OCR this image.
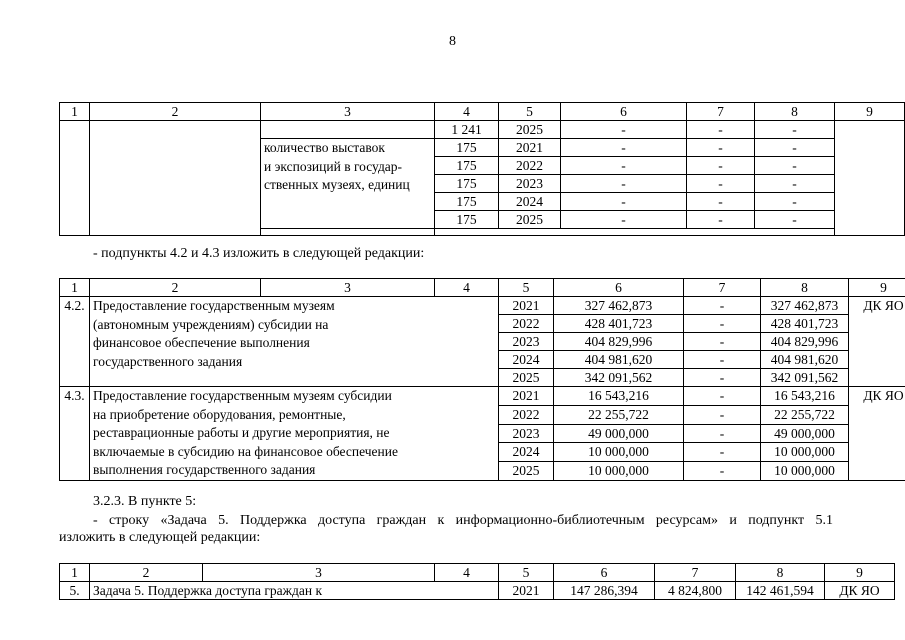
8
1	2	3	4	5	6	7	8	9
			1 241	2025	-	-	-	

		количество выставок
и экспозиций в государ-
ственных музеях, единиц	175	2021	-	-	-	
			175	2022	-	-	-	
			175	2023	-	-	-	
			175	2024	-	-	-	
			175	2025	-	-	-	

- подпункты 4.2 и 4.3 изложить в следующей редакции:
1	2	3	4	5	6	7	8	9
4.2.	Предоставление государственным музеям
(автономным учреждениям) субсидии на
финансовое обеспечение выполнения
государственного задания			2021	327 462,873	-	327 462,873	ДК ЯО
				2022	428 401,723	-	428 401,723	
				2023	404 829,996	-	404 829,996	
				2024	404 981,620	-	404 981,620	
				2025	342 091,562	-	342 091,562	
4.3.	Предоставление государственным музеям субсидии
на приобретение оборудования, ремонтные,
реставрационные работы и другие мероприятия, не
включаемые в субсидию на финансовое обеспечение
выполнения государственного задания			2021	16 543,216	-	16 543,216	ДК ЯО
				2022	22 255,722	-	22 255,722	
				2023	49 000,000	-	49 000,000	
				2024	10 000,000	-	10 000,000	
				2025	10 000,000	-	10 000,000	
3.2.3. В пункте 5:
- строку «Задача 5. Поддержка доступа граждан к информационно-библиотечным ресурсам» и подпункт 5.1
изложить в следующей редакции:
1	2	3	4	5	6	7	8	9
5.	Задача 5. Поддержка доступа граждан к			2021	147 286,394	4 824,800	142 461,594	ДК ЯО
